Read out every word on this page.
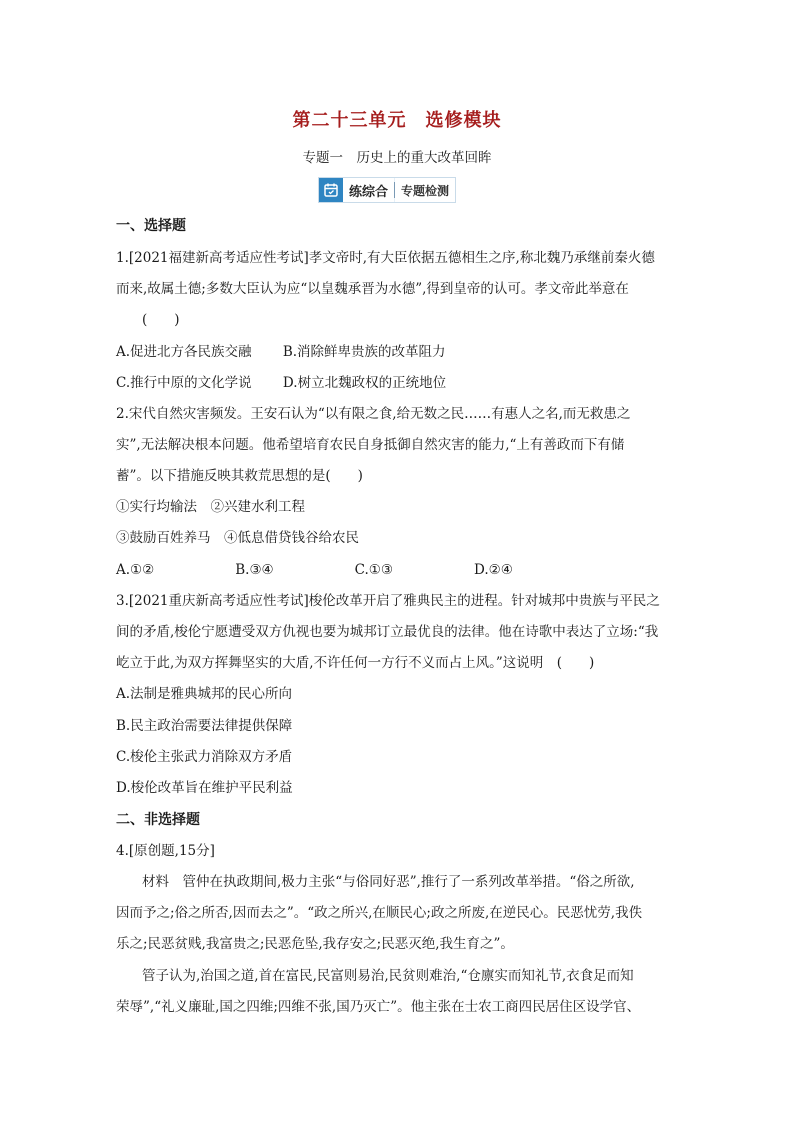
第二十三单元　选修模块
专题一　历史上的重大改革回眸
练综合	专题检测
一、选择题
1.[2021福建新高考适应性考试]孝文帝时,有大臣依据五德相生之序,称北魏乃承继前秦火德
而来,故属土德;多数大臣认为应“以皇魏承晋为水德”,得到皇帝的认可。孝文帝此举意在
(　　)
A.促进北方各民族交融　　 B.消除鲜卑贵族的改革阻力
C.推行中原的文化学说　　 D.树立北魏政权的正统地位
2.宋代自然灾害频发。王安石认为“以有限之食,给无数之民……有惠人之名,而无救患之
实”,无法解决根本问题。他希望培育农民自身抵御自然灾害的能力,“上有善政而下有储
蓄”。以下措施反映其救荒思想的是(　　)
①实行均输法　②兴建水利工程
③鼓励百姓养马　④低息借贷钱谷给农民
A.①②　　　　　　B.③④　　　　　　C.①③　　　　　　D.②④
3.[2021重庆新高考适应性考试]梭伦改革开启了雅典民主的进程。针对城邦中贵族与平民之
间的矛盾,梭伦宁愿遭受双方仇视也要为城邦订立最优良的法律。他在诗歌中表达了立场:“我
屹立于此,为双方挥舞坚实的大盾,不许任何一方行不义而占上风。”这说明　(　　)
A.法制是雅典城邦的民心所向
B.民主政治需要法律提供保障
C.梭伦主张武力消除双方矛盾
D.梭伦改革旨在维护平民利益
二、非选择题
4.[原创题,15分]
材料　管仲在执政期间,极力主张“与俗同好恶”,推行了一系列改革举措。“俗之所欲,
因而予之;俗之所否,因而去之”。“政之所兴,在顺民心;政之所废,在逆民心。民恶忧劳,我佚
乐之;民恶贫贱,我富贵之;民恶危坠,我存安之;民恶灭绝,我生育之”。
管子认为,治国之道,首在富民,民富则易治,民贫则难治,“仓廪实而知礼节,衣食足而知
荣辱”,“礼义廉耻,国之四维;四维不张,国乃灭亡”。他主张在士农工商四民居住区设学官、
